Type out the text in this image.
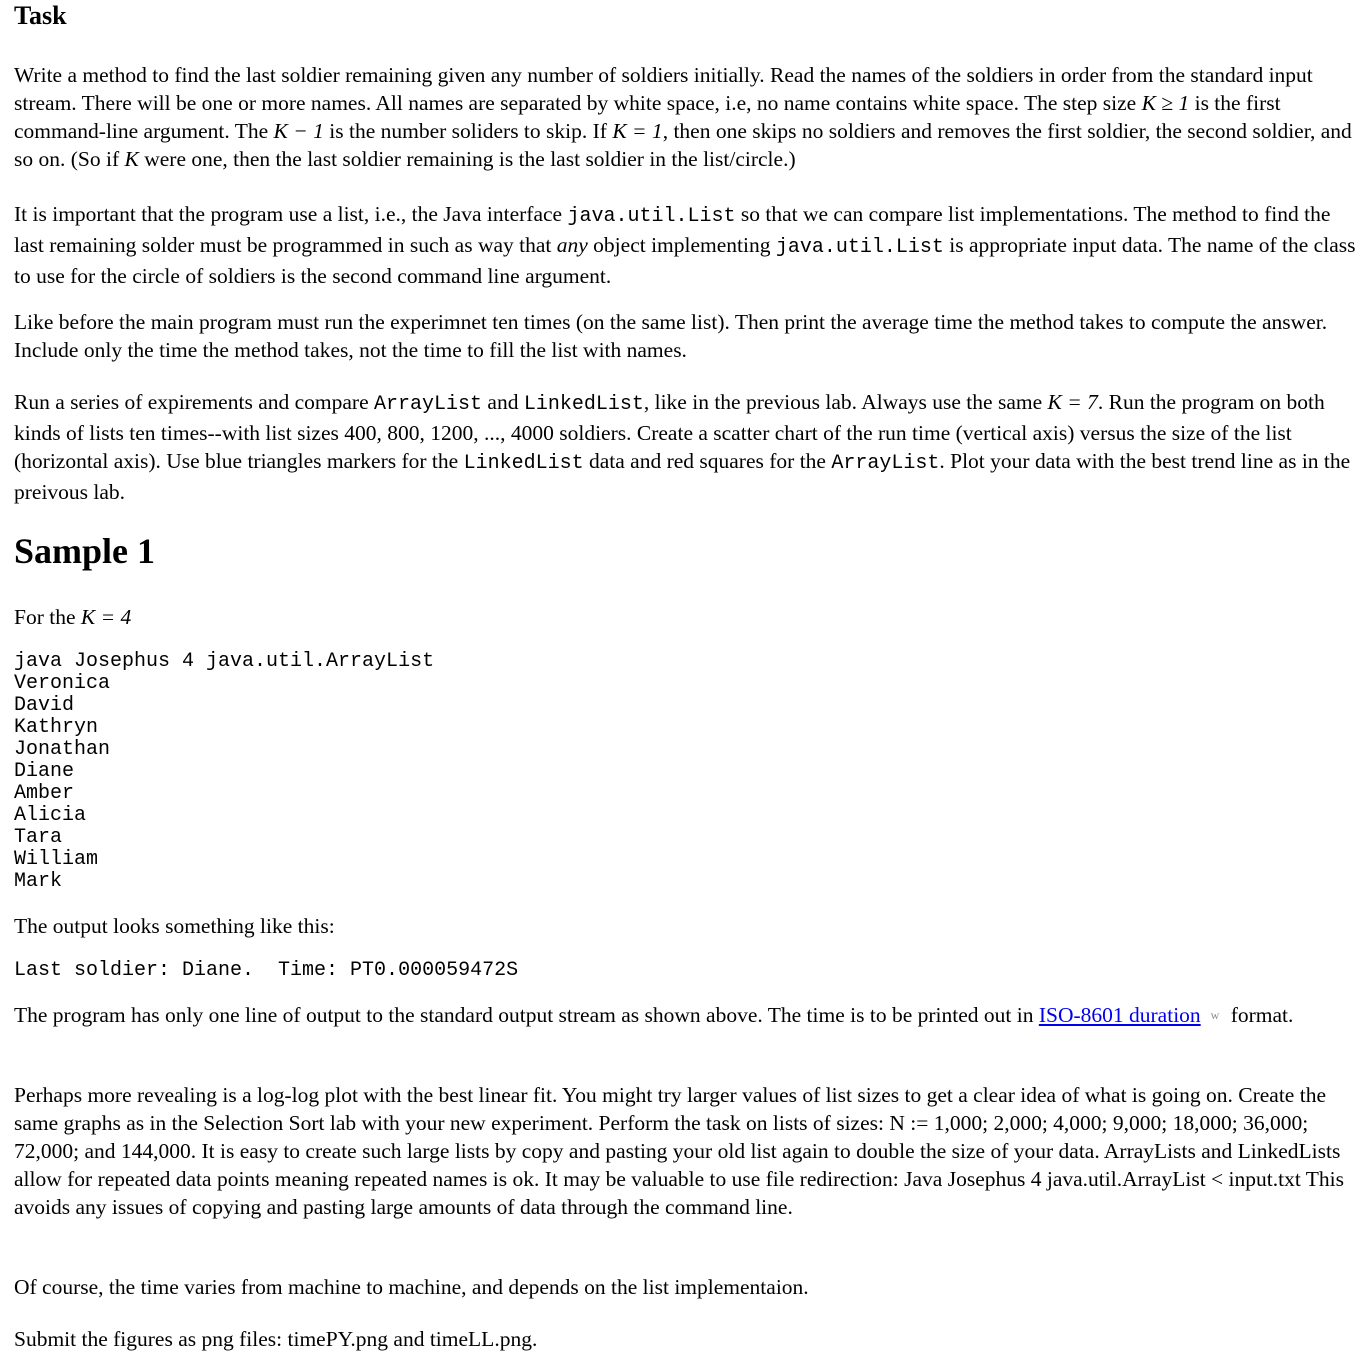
Task

Write a method to find the last soldier remaining given any number of soldiers initially. Read the names of the soldiers in order from the standard input stream. There will be one or more names. All names are separated by white space, i.e, no name contains white space. The step size K ≥ 1 is the first command-line argument. The K − 1 is the number soliders to skip. If K = 1, then one skips no soldiers and removes the first soldier, the second soldier, and so on. (So if K were one, then the last soldier remaining is the last soldier in the list/circle.)

It is important that the program use a list, i.e., the Java interface java.util.List so that we can compare list implementations. The method to find the last remaining solder must be programmed in such as way that any object implementing java.util.List is appropriate input data. The name of the class to use for the circle of soldiers is the second command line argument.

Like before the main program must run the experimnet ten times (on the same list). Then print the average time the method takes to compute the answer. Include only the time the method takes, not the time to fill the list with names.

Run a series of expirements and compare ArrayList and LinkedList, like in the previous lab. Always use the same K = 7. Run the program on both kinds of lists ten times--with list sizes 400, 800, 1200, ..., 4000 soldiers. Create a scatter chart of the run time (vertical axis) versus the size of the list (horizontal axis). Use blue triangles markers for the LinkedList data and red squares for the ArrayList. Plot your data with the best trend line as in the preivous lab.

Sample 1

For the K = 4

java Josephus 4 java.util.ArrayList
Veronica
David
Kathryn
Jonathan
Diane
Amber
Alicia
Tara
William
Mark

The output looks something like this:

Last soldier: Diane.  Time: PT0.000059472S

The program has only one line of output to the standard output stream as shown above. The time is to be printed out in ISO-8601 duration w format.

Perhaps more revealing is a log-log plot with the best linear fit. You might try larger values of list sizes to get a clear idea of what is going on. Create the same graphs as in the Selection Sort lab with your new experiment. Perform the task on lists of sizes: N := 1,000; 2,000; 4,000; 9,000; 18,000; 36,000; 72,000; and 144,000. It is easy to create such large lists by copy and pasting your old list again to double the size of your data. ArrayLists and LinkedLists allow for repeated data points meaning repeated names is ok. It may be valuable to use file redirection: Java Josephus 4 java.util.ArrayList < input.txt This avoids any issues of copying and pasting large amounts of data through the command line.

Of course, the time varies from machine to machine, and depends on the list implementaion.

Submit the figures as png files: timePY.png and timeLL.png.
